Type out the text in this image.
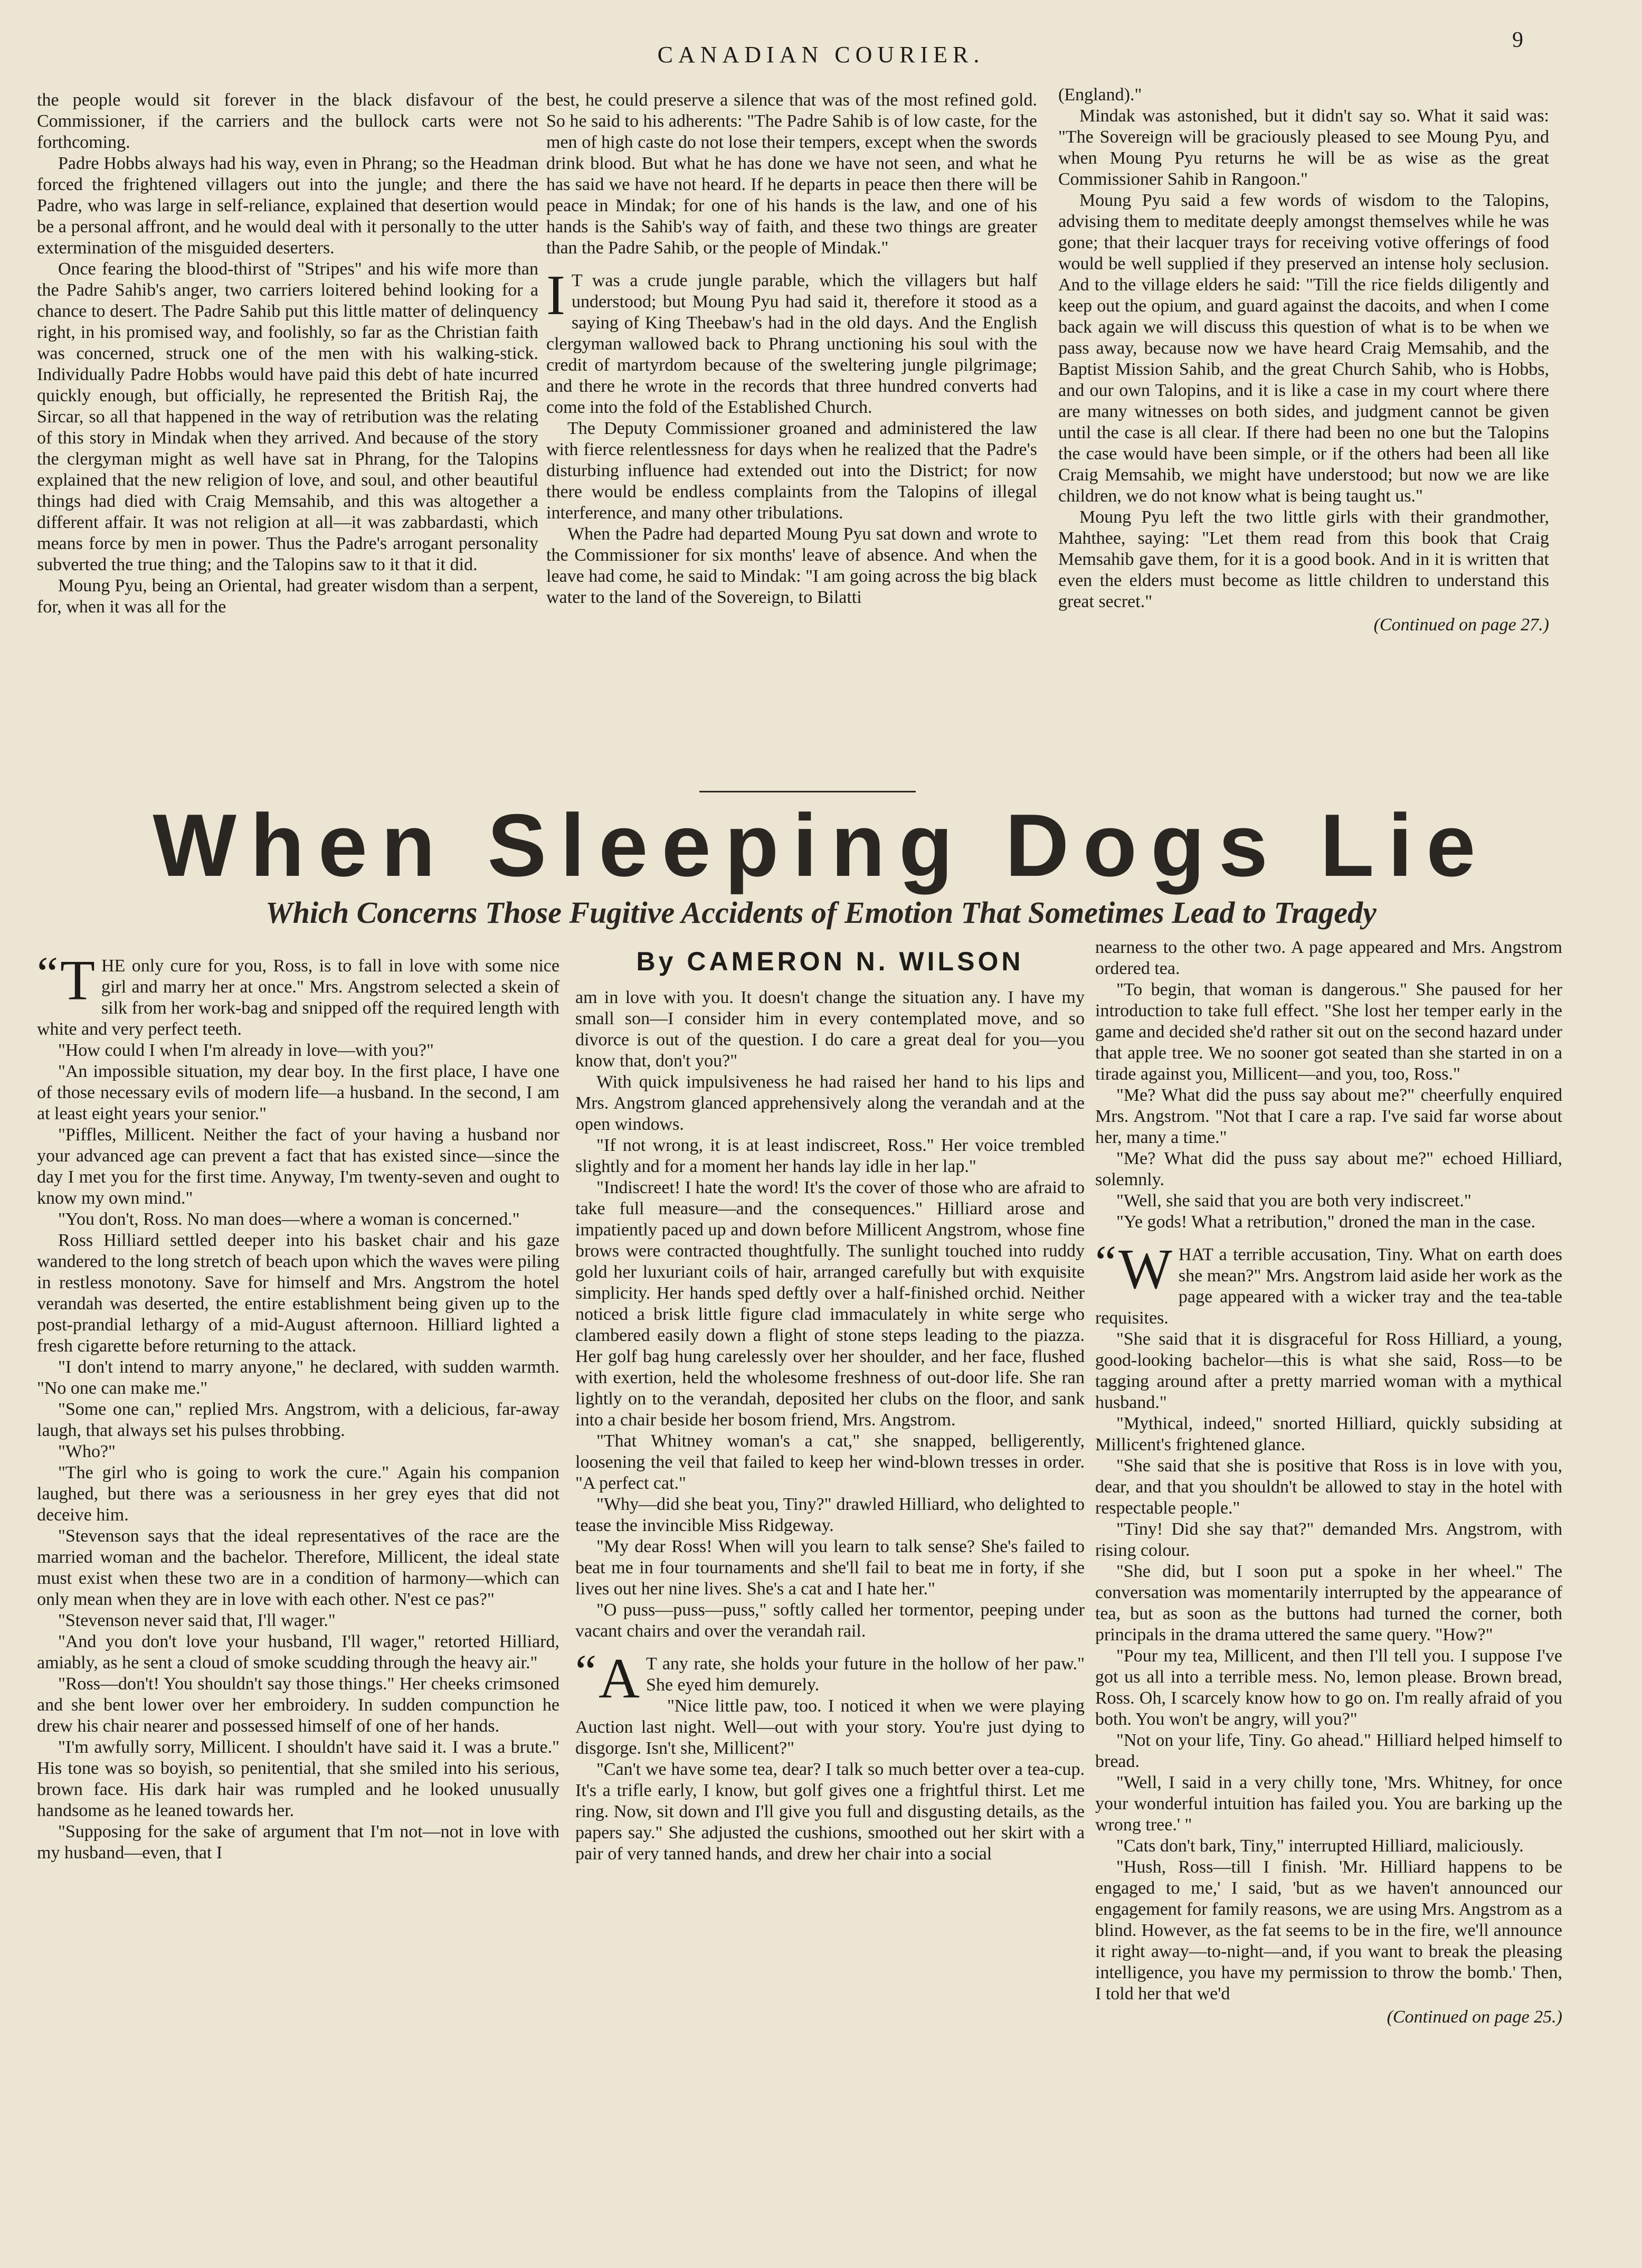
CANADIAN COURIER.
9

the people would sit forever in the black disfavour of the Commissioner, if the carriers and the bullock carts were not forthcoming.

Padre Hobbs always had his way, even in Phrang; so the Headman forced the frightened villagers out into the jungle; and there the Padre, who was large in self-reliance, explained that desertion would be a personal affront, and he would deal with it personally to the utter extermination of the misguided deserters.

Once fearing the blood-thirst of "Stripes" and his wife more than the Padre Sahib's anger, two carriers loitered behind looking for a chance to desert. The Padre Sahib put this little matter of delinquency right, in his promised way, and foolishly, so far as the Christian faith was concerned, struck one of the men with his walking-stick. Individually Padre Hobbs would have paid this debt of hate incurred quickly enough, but officially, he represented the British Raj, the Sircar, so all that happened in the way of retribution was the relating of this story in Mindak when they arrived. And because of the story the clergyman might as well have sat in Phrang, for the Talopins explained that the new religion of love, and soul, and other beautiful things had died with Craig Memsahib, and this was altogether a different affair. It was not religion at all—it was zabbardasti, which means force by men in power. Thus the Padre's arrogant personality subverted the true thing; and the Talopins saw to it that it did.

Moung Pyu, being an Oriental, had greater wisdom than a serpent, for, when it was all for the

best, he could preserve a silence that was of the most refined gold. So he said to his adherents: "The Padre Sahib is of low caste, for the men of high caste do not lose their tempers, except when the swords drink blood. But what he has done we have not seen, and what he has said we have not heard. If he departs in peace then there will be peace in Mindak; for one of his hands is the law, and one of his hands is the Sahib's way of faith, and these two things are greater than the Padre Sahib, or the people of Mindak."

I T was a crude jungle parable, which the villagers but half understood; but Moung Pyu had said it, therefore it stood as a saying of King Theebaw's had in the old days. And the English clergyman wallowed back to Phrang unctioning his soul with the credit of martyrdom because of the sweltering jungle pilgrimage; and there he wrote in the records that three hundred converts had come into the fold of the Established Church.

The Deputy Commissioner groaned and administered the law with fierce relentlessness for days when he realized that the Padre's disturbing influence had extended out into the District; for now there would be endless complaints from the Talopins of illegal interference, and many other tribulations.

When the Padre had departed Moung Pyu sat down and wrote to the Commissioner for six months' leave of absence. And when the leave had come, he said to Mindak: "I am going across the big black water to the land of the Sovereign, to Bilatti

(England)."

Mindak was astonished, but it didn't say so. What it said was: "The Sovereign will be graciously pleased to see Moung Pyu, and when Moung Pyu returns he will be as wise as the great Commissioner Sahib in Rangoon."

Moung Pyu said a few words of wisdom to the Talopins, advising them to meditate deeply amongst themselves while he was gone; that their lacquer trays for receiving votive offerings of food would be well supplied if they preserved an intense holy seclusion. And to the village elders he said: "Till the rice fields diligently and keep out the opium, and guard against the dacoits, and when I come back again we will discuss this question of what is to be when we pass away, because now we have heard Craig Memsahib, and the Baptist Mission Sahib, and the great Church Sahib, who is Hobbs, and our own Talopins, and it is like a case in my court where there are many witnesses on both sides, and judgment cannot be given until the case is all clear. If there had been no one but the Talopins the case would have been simple, or if the others had been all like Craig Memsahib, we might have understood; but now we are like children, we do not know what is being taught us."

Moung Pyu left the two little girls with their grandmother, Mahthee, saying: "Let them read from this book that Craig Memsahib gave them, for it is a good book. And in it is written that even the elders must become as little children to understand this great secret."

(Continued on page 27.)

When Sleeping Dogs Lie
Which Concerns Those Fugitive Accidents of Emotion That Sometimes Lead to Tragedy

“ T HE only cure for you, Ross, is to fall in love with some nice girl and marry her at once." Mrs. Angstrom selected a skein of silk from her work-bag and snipped off the required length with white and very perfect teeth.

"How could I when I'm already in love—with you?"

"An impossible situation, my dear boy. In the first place, I have one of those necessary evils of modern life—a husband. In the second, I am at least eight years your senior."

"Piffles, Millicent. Neither the fact of your having a husband nor your advanced age can prevent a fact that has existed since—since the day I met you for the first time. Anyway, I'm twenty-seven and ought to know my own mind."

"You don't, Ross. No man does—where a woman is concerned."

Ross Hilliard settled deeper into his basket chair and his gaze wandered to the long stretch of beach upon which the waves were piling in restless monotony. Save for himself and Mrs. Angstrom the hotel verandah was deserted, the entire establishment being given up to the post-prandial lethargy of a mid-August afternoon. Hilliard lighted a fresh cigarette before returning to the attack.

"I don't intend to marry anyone," he declared, with sudden warmth. "No one can make me."

"Some one can," replied Mrs. Angstrom, with a delicious, far-away laugh, that always set his pulses throbbing.

"Who?"

"The girl who is going to work the cure." Again his companion laughed, but there was a seriousness in her grey eyes that did not deceive him.

"Stevenson says that the ideal representatives of the race are the married woman and the bachelor. Therefore, Millicent, the ideal state must exist when these two are in a condition of harmony—which can only mean when they are in love with each other. N'est ce pas?"

"Stevenson never said that, I'll wager."

"And you don't love your husband, I'll wager," retorted Hilliard, amiably, as he sent a cloud of smoke scudding through the heavy air."

"Ross—don't! You shouldn't say those things." Her cheeks crimsoned and she bent lower over her embroidery. In sudden compunction he drew his chair nearer and possessed himself of one of her hands.

"I'm awfully sorry, Millicent. I shouldn't have said it. I was a brute." His tone was so boyish, so penitential, that she smiled into his serious, brown face. His dark hair was rumpled and he looked unusually handsome as he leaned towards her.

"Supposing for the sake of argument that I'm not—not in love with my husband—even, that I

By CAMERON N. WILSON

am in love with you. It doesn't change the situation any. I have my small son—I consider him in every contemplated move, and so divorce is out of the question. I do care a great deal for you—you know that, don't you?"

With quick impulsiveness he had raised her hand to his lips and Mrs. Angstrom glanced apprehensively along the verandah and at the open windows.

"If not wrong, it is at least indiscreet, Ross." Her voice trembled slightly and for a moment her hands lay idle in her lap."

"Indiscreet! I hate the word! It's the cover of those who are afraid to take full measure—and the consequences." Hilliard arose and impatiently paced up and down before Millicent Angstrom, whose fine brows were contracted thoughtfully. The sunlight touched into ruddy gold her luxuriant coils of hair, arranged carefully but with exquisite simplicity. Her hands sped deftly over a half-finished orchid. Neither noticed a brisk little figure clad immaculately in white serge who clambered easily down a flight of stone steps leading to the piazza. Her golf bag hung carelessly over her shoulder, and her face, flushed with exertion, held the wholesome freshness of out-door life. She ran lightly on to the verandah, deposited her clubs on the floor, and sank into a chair beside her bosom friend, Mrs. Angstrom.

"That Whitney woman's a cat," she snapped, belligerently, loosening the veil that failed to keep her wind-blown tresses in order. "A perfect cat."

"Why—did she beat you, Tiny?" drawled Hilliard, who delighted to tease the invincible Miss Ridgeway.

"My dear Ross! When will you learn to talk sense? She's failed to beat me in four tournaments and she'll fail to beat me in forty, if she lives out her nine lives. She's a cat and I hate her."

"O puss—puss—puss," softly called her tormentor, peeping under vacant chairs and over the verandah rail.

“ A T any rate, she holds your future in the hollow of her paw." She eyed him demurely.

"Nice little paw, too. I noticed it when we were playing Auction last night. Well—out with your story. You're just dying to disgorge. Isn't she, Millicent?"

"Can't we have some tea, dear? I talk so much better over a tea-cup. It's a trifle early, I know, but golf gives one a frightful thirst. Let me ring. Now, sit down and I'll give you full and disgusting details, as the papers say." She adjusted the cushions, smoothed out her skirt with a pair of very tanned hands, and drew her chair into a social

nearness to the other two. A page appeared and Mrs. Angstrom ordered tea.

"To begin, that woman is dangerous." She paused for her introduction to take full effect. "She lost her temper early in the game and decided she'd rather sit out on the second hazard under that apple tree. We no sooner got seated than she started in on a tirade against you, Millicent—and you, too, Ross."

"Me? What did the puss say about me?" cheerfully enquired Mrs. Angstrom. "Not that I care a rap. I've said far worse about her, many a time."

"Me? What did the puss say about me?" echoed Hilliard, solemnly.

"Well, she said that you are both very indiscreet."

"Ye gods! What a retribution," droned the man in the case.

“ W HAT a terrible accusation, Tiny. What on earth does she mean?" Mrs. Angstrom laid aside her work as the page appeared with a wicker tray and the tea-table requisites.

"She said that it is disgraceful for Ross Hilliard, a young, good-looking bachelor—this is what she said, Ross—to be tagging around after a pretty married woman with a mythical husband."

"Mythical, indeed," snorted Hilliard, quickly subsiding at Millicent's frightened glance.

"She said that she is positive that Ross is in love with you, dear, and that you shouldn't be allowed to stay in the hotel with respectable people."

"Tiny! Did she say that?" demanded Mrs. Angstrom, with rising colour.

"She did, but I soon put a spoke in her wheel." The conversation was momentarily interrupted by the appearance of tea, but as soon as the buttons had turned the corner, both principals in the drama uttered the same query. "How?"

"Pour my tea, Millicent, and then I'll tell you. I suppose I've got us all into a terrible mess. No, lemon please. Brown bread, Ross. Oh, I scarcely know how to go on. I'm really afraid of you both. You won't be angry, will you?"

"Not on your life, Tiny. Go ahead." Hilliard helped himself to bread.

"Well, I said in a very chilly tone, 'Mrs. Whitney, for once your wonderful intuition has failed you. You are barking up the wrong tree.' "

"Cats don't bark, Tiny," interrupted Hilliard, maliciously.

"Hush, Ross—till I finish. 'Mr. Hilliard happens to be engaged to me,' I said, 'but as we haven't announced our engagement for family reasons, we are using Mrs. Angstrom as a blind. However, as the fat seems to be in the fire, we'll announce it right away—to-night—and, if you want to break the pleasing intelligence, you have my permission to throw the bomb.' Then, I told her that we'd

(Continued on page 25.)
